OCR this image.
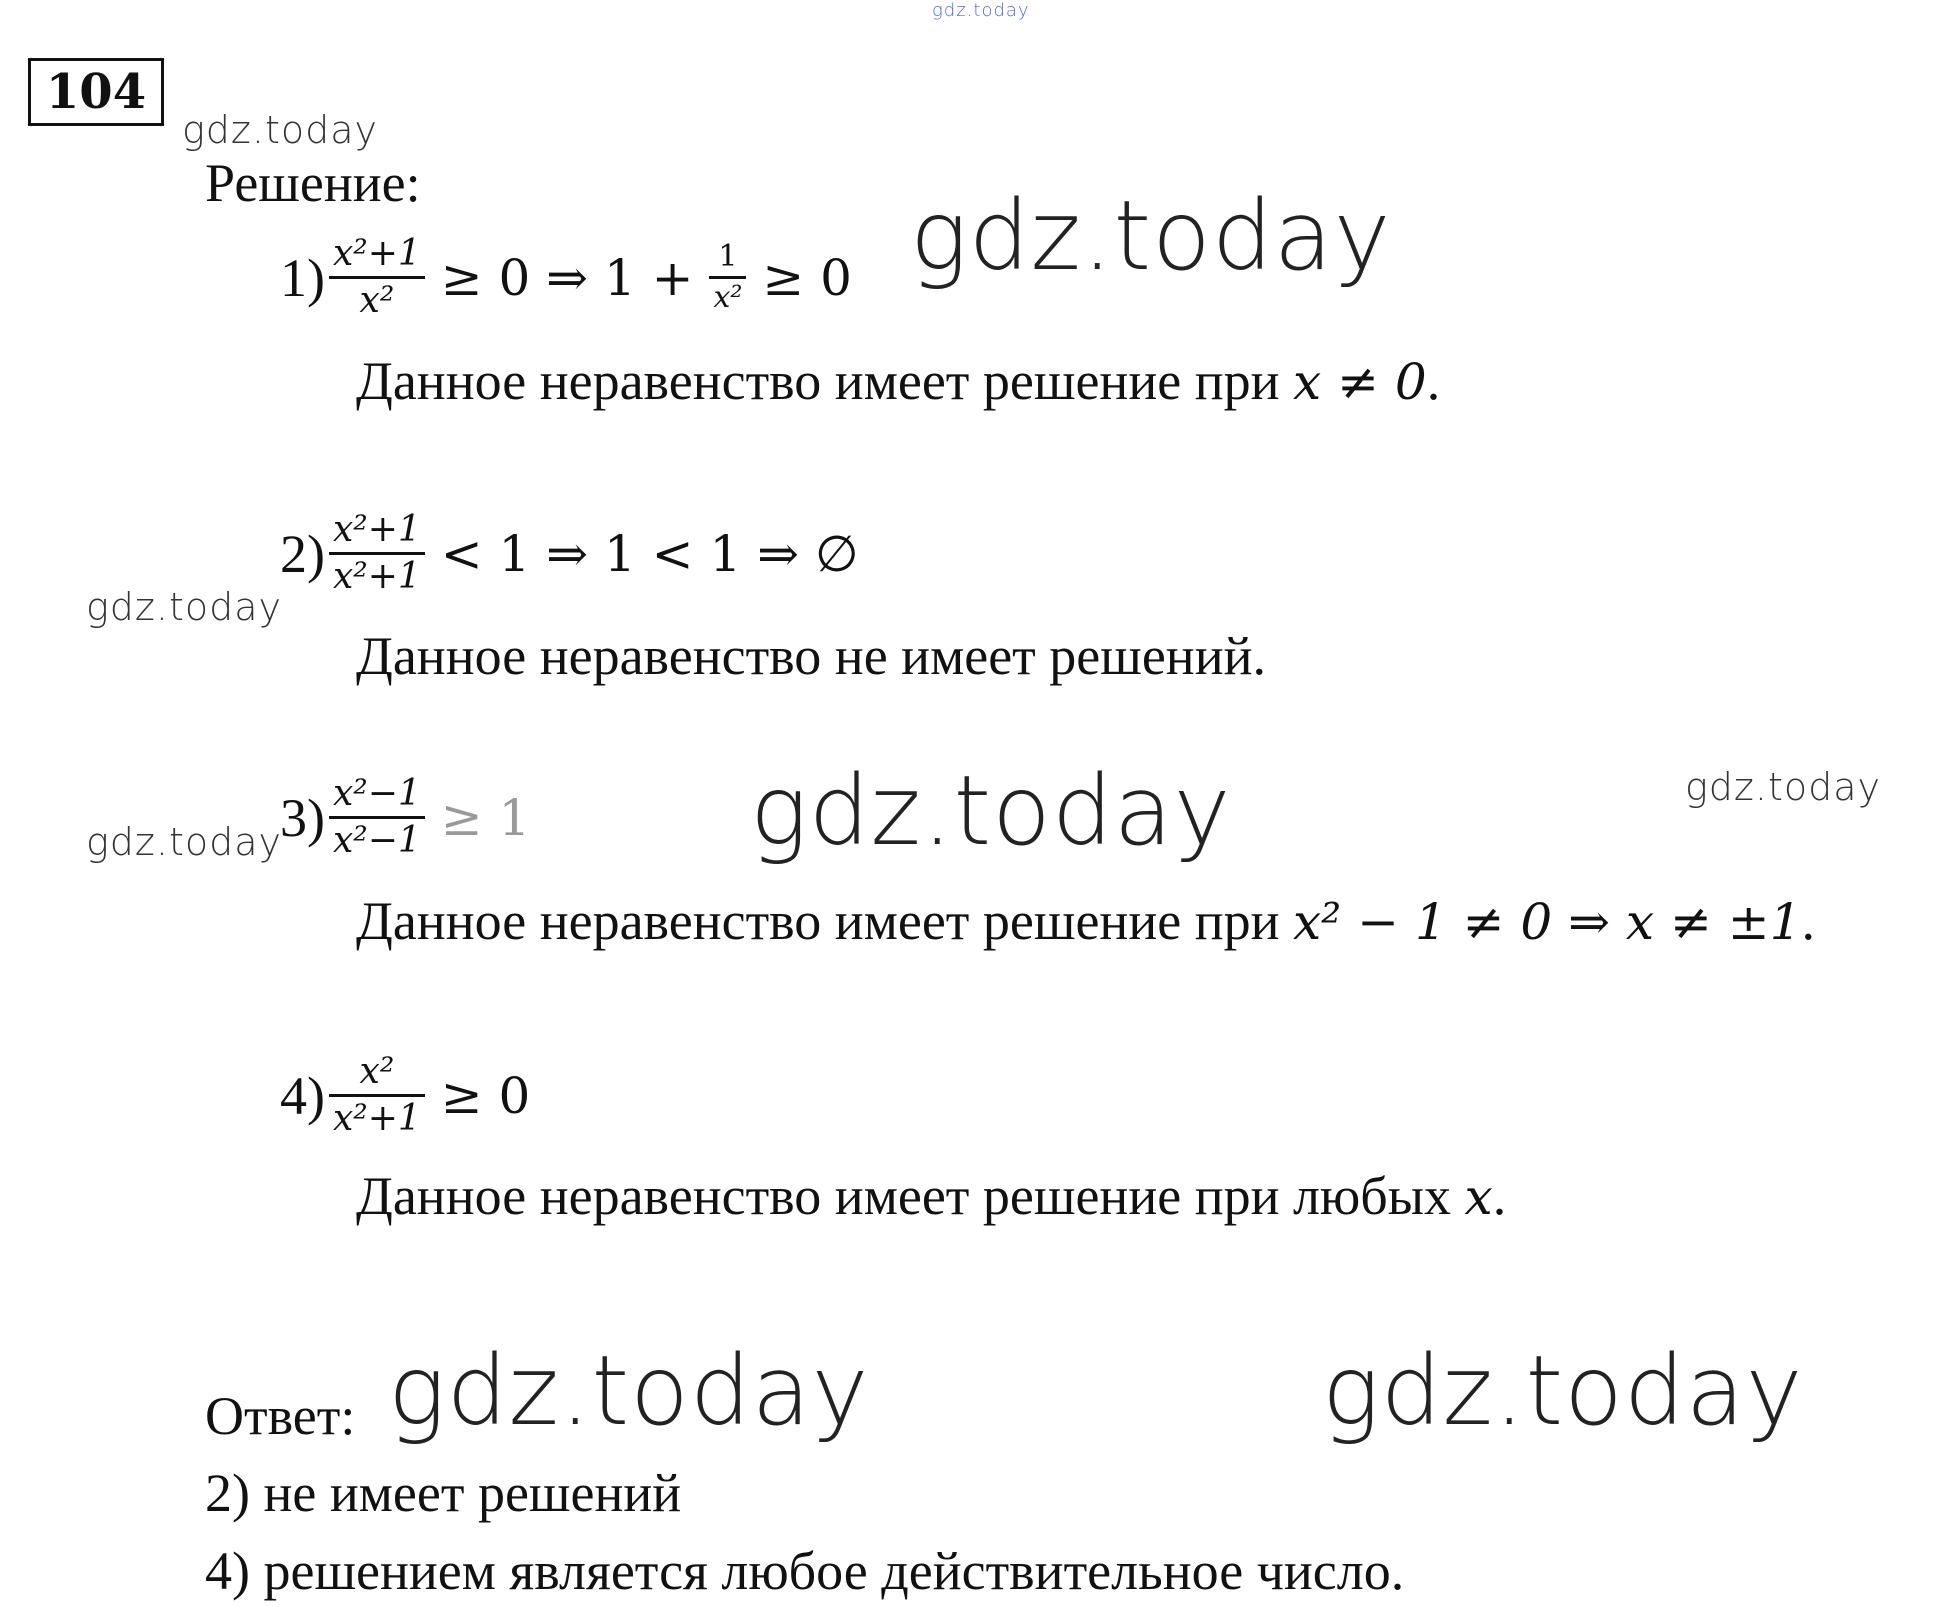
gdz.today
gdz.today
gdz.today
gdz.today
gdz.today	gdz.today
gdz.today
gdz.today	gdz.today
104
Решение:
1)
$\frac{\text{x²+1}}{\text{x²}} \ge 0$ ⇒ $1 + \frac{1}{\text{x²}} \ge 0$
Данное неравенство имеет решение при x ≠ 0.
2)
$\frac{\text{x²+1}}{\text{x²+1}} < 1$ ⇒ 1 < 1 ⇒ ∅
Данное неравенство не имеет решений.
3)
$\frac{\text{x²−1}}{\text{x²−1}} \ge 1$
Данное неравенство имеет решение при x² − 1 ≠ 0 ⇒ x ≠ ±1.
4)
$\frac{\text{x²}}{\text{x²+1}} \ge 0$
Данное неравенство имеет решение при любых x.
Ответ:
2) не имеет решений
4) решением является любое действительное число.
